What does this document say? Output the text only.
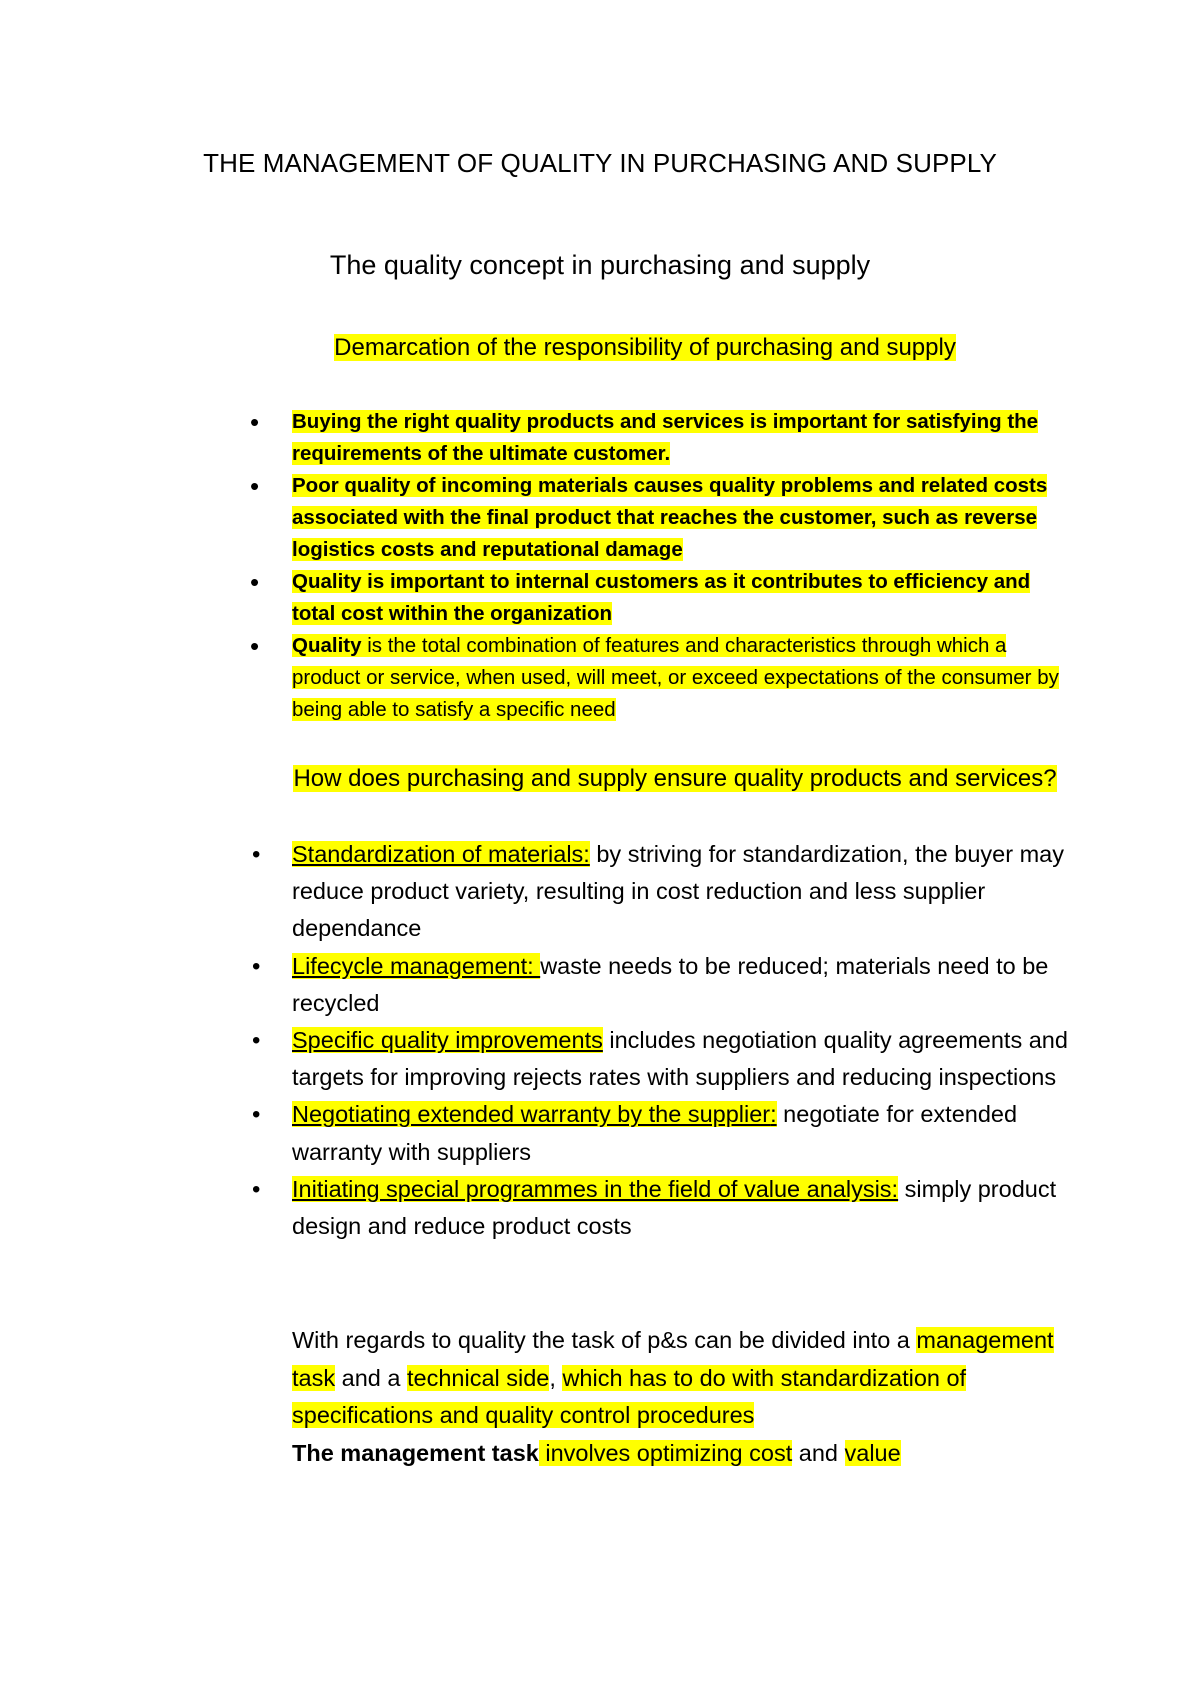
THE MANAGEMENT OF QUALITY IN PURCHASING AND SUPPLY
The quality concept in purchasing and supply
Demarcation of the responsibility of purchasing and supply
• Buying the right quality products and services is important for satisfying the requirements of the ultimate customer.
• Poor quality of incoming materials causes quality problems and related costs associated with the final product that reaches the customer, such as reverse logistics costs and reputational damage
• Quality is important to internal customers as it contributes to efficiency and total cost within the organization
• Quality is the total combination of features and characteristics through which a product or service, when used, will meet, or exceed expectations of the consumer by being able to satisfy a specific need
How does purchasing and supply ensure quality products and services?
• Standardization of materials: by striving for standardization, the buyer may reduce product variety, resulting in cost reduction and less supplier dependance
• Lifecycle management: waste needs to be reduced; materials need to be recycled
• Specific quality improvements includes negotiation quality agreements and targets for improving rejects rates with suppliers and reducing inspections
• Negotiating extended warranty by the supplier: negotiate for extended warranty with suppliers
• Initiating special programmes in the field of value analysis: simply product design and reduce product costs

With regards to quality the task of p&s can be divided into a management task and a technical side, which has to do with standardization of specifications and quality control procedures
The management task involves optimizing cost and value
